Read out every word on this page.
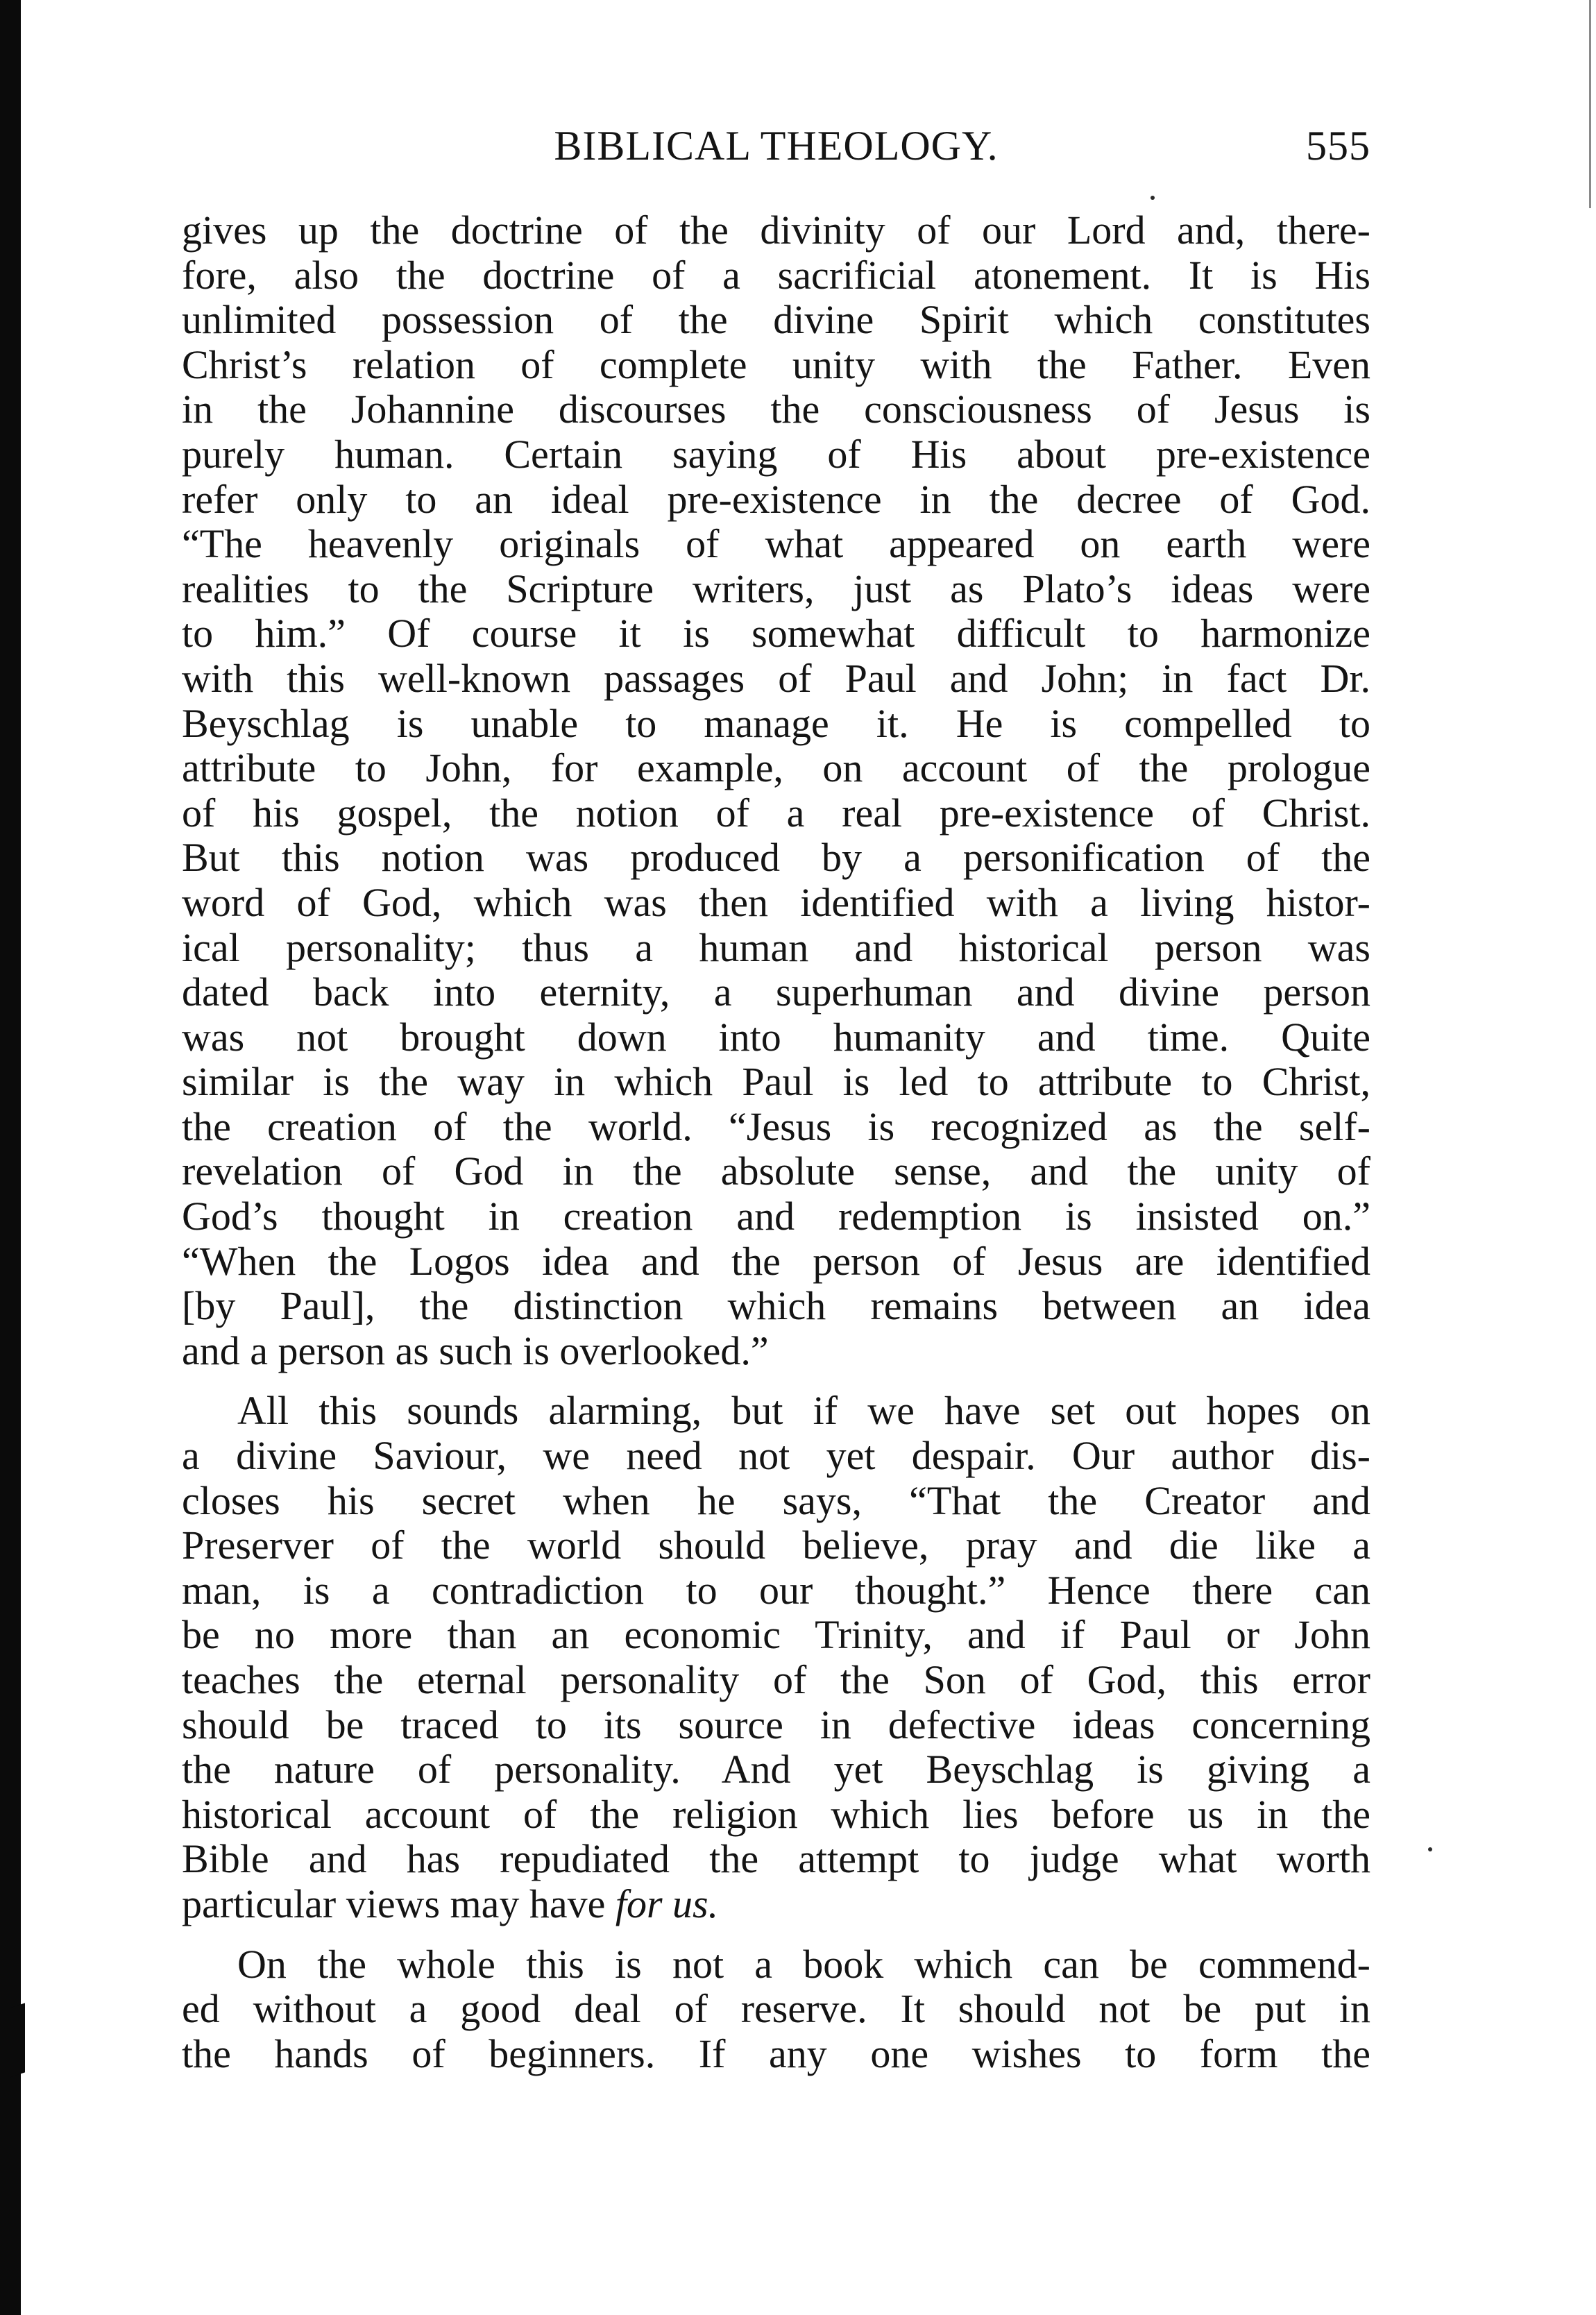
BIBLICAL THEOLOGY.	555
gives up the doctrine of the divinity of our Lord and, there-
fore, also the doctrine of a sacrificial atonement. It is His
unlimited possession of the divine Spirit which constitutes
Christ’s relation of complete unity with the Father. Even
in the Johannine discourses the consciousness of Jesus is
purely human. Certain saying of His about pre-existence
refer only to an ideal pre-existence in the decree of God.
“The heavenly originals of what appeared on earth were
realities to the Scripture writers, just as Plato’s ideas were
to him.” Of course it is somewhat difficult to harmonize
with this well-known passages of Paul and John; in fact Dr.
Beyschlag is unable to manage it. He is compelled to
attribute to John, for example, on account of the prologue
of his gospel, the notion of a real pre-existence of Christ.
But this notion was produced by a personification of the
word of God, which was then identified with a living histor-
ical personality; thus a human and historical person was
dated back into eternity, a superhuman and divine person
was not brought down into humanity and time. Quite
similar is the way in which Paul is led to attribute to Christ,
the creation of the world. “Jesus is recognized as the self-
revelation of God in the absolute sense, and the unity of
God’s thought in creation and redemption is insisted on.”
“When the Logos idea and the person of Jesus are identified
[by Paul], the distinction which remains between an idea
and a person as such is overlooked.”
All this sounds alarming, but if we have set out hopes on
a divine Saviour, we need not yet despair. Our author dis-
closes his secret when he says, “That the Creator and
Preserver of the world should believe, pray and die like a
man, is a contradiction to our thought.” Hence there can
be no more than an economic Trinity, and if Paul or John
teaches the eternal personality of the Son of God, this error
should be traced to its source in defective ideas concerning
the nature of personality. And yet Beyschlag is giving a
historical account of the religion which lies before us in the
Bible and has repudiated the attempt to judge what worth
particular views may have for us.
On the whole this is not a book which can be commend-
ed without a good deal of reserve. It should not be put in
the hands of beginners. If any one wishes to form the
